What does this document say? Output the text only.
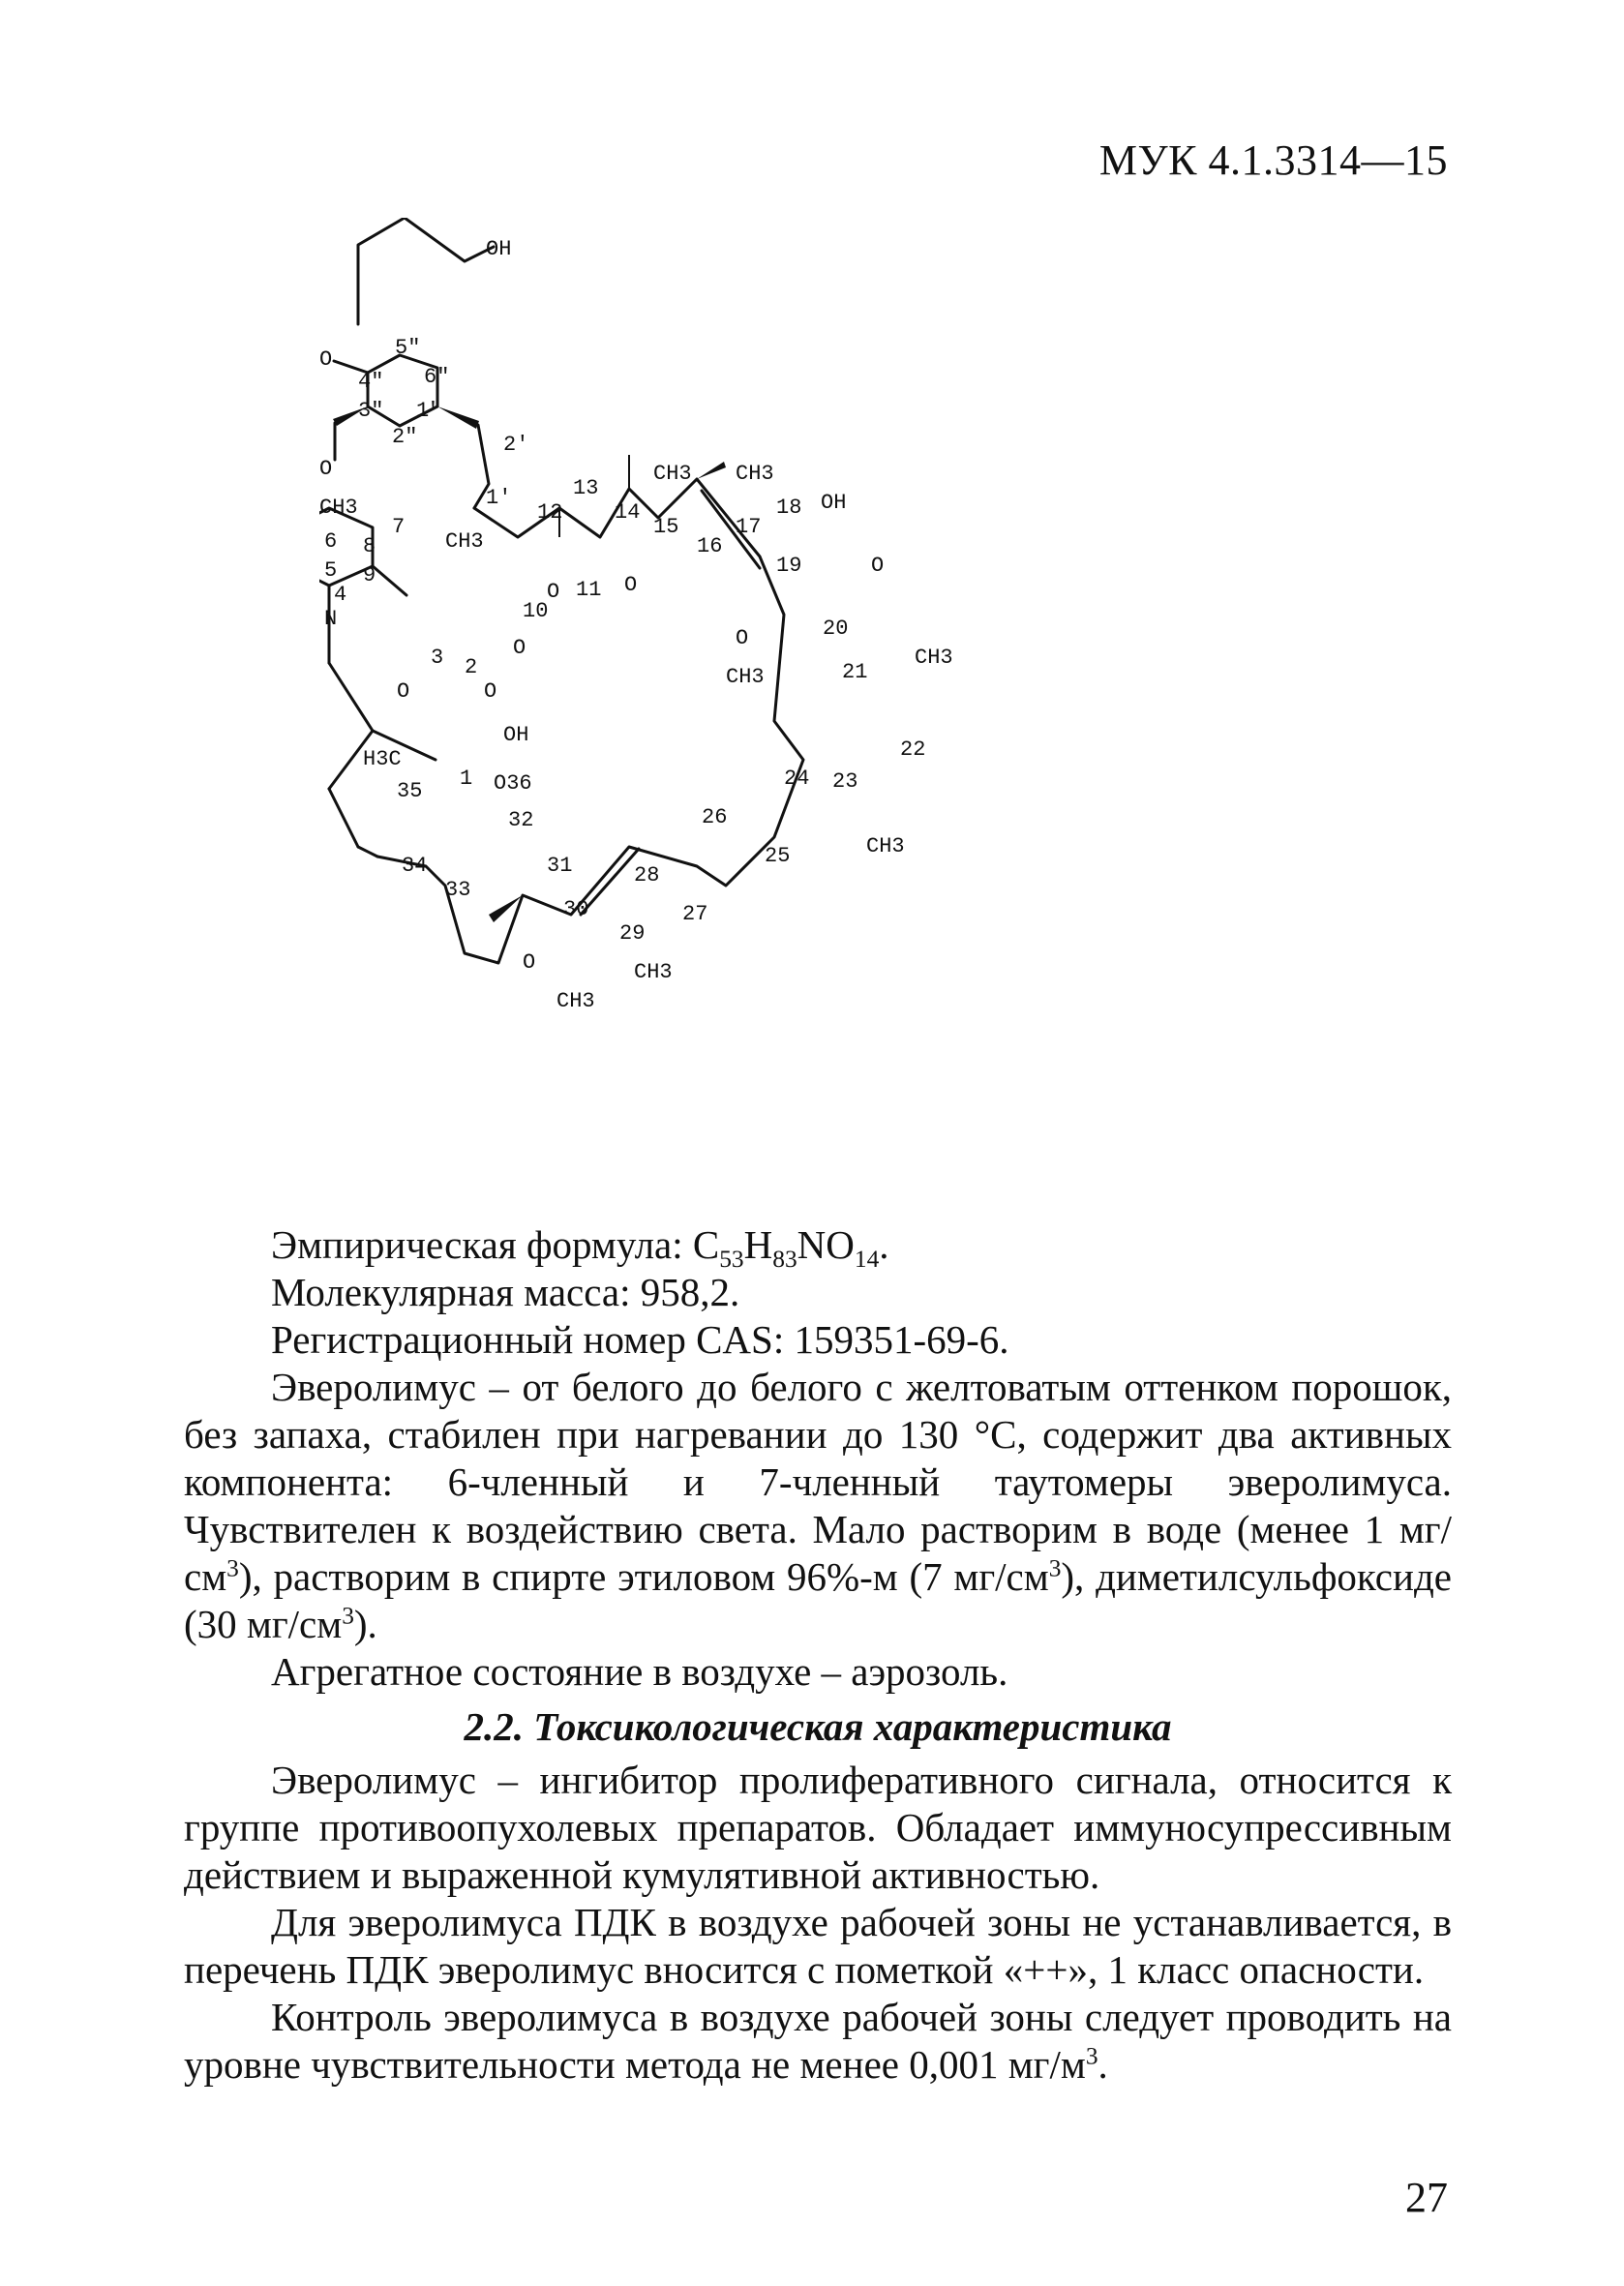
МУК 4.1.3314—15
OH
O	5"
6"
4"
3" 1"
2"	2'
O
CH3	1'
7
6 8
5 9
4
N
CH3
12
13
14
15
16
17
18
19
11
O
10
O
O
CH3 CH3
OH
O
CH3
20
O
21
CH3
22
3 2
O	O
OH
H3C
1 O36
35
32
34
33
31
24 23
26
25	CH3
28
27
30
29
O
CH3
CH3

Эмпирическая формула: $C_{53}H_{83}NO_{14}$.

Молекулярная масса: 958,2.

Регистрационный номер CAS: 159351-69-6.

Эверолимус – от белого до белого с желтоватым оттенком порошок, без запаха, стабилен при нагревании до 130 °С, содержит два активных компонента: 6-членный и 7-членный таутомеры эверолимуса. Чувствителен к воздействию света. Мало растворим в воде (менее 1 $мг/см^3$), растворим в спирте этиловом 96%-м (7 $мг/см^3$), диметилсульфоксиде (30 $мг/см^3$).

Агрегатное состояние в воздухе – аэрозоль.

2.2. Токсикологическая характеристика

Эверолимус – ингибитор пролиферативного сигнала, относится к группе противоопухолевых препаратов. Обладает иммуносупрессивным действием и выраженной кумулятивной активностью.

Для эверолимуса ПДК в воздухе рабочей зоны не устанавливается, в перечень ПДК эверолимус вносится с пометкой «++», 1 класс опасности.

Контроль эверолимуса в воздухе рабочей зоны следует проводить на уровне чувствительности метода не менее 0,001 $мг/м^3$.

27
